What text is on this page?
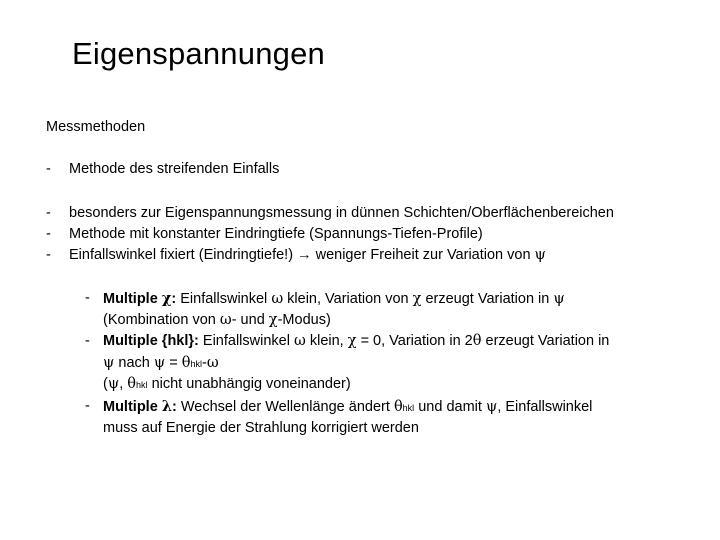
Eigenspannungen
Messmethoden
- Methode des streifenden Einfalls
- besonders zur Eigenspannungsmessung in dünnen Schichten/Oberflächenbereichen
- Methode mit konstanter Eindringtiefe (Spannungs-Tiefen-Profile)
- Einfallswinkel fixiert (Eindringtiefe!) → weniger Freiheit zur Variation von ψ
- Multiple χ: Einfallswinkel ω klein, Variation von χ erzeugt Variation in ψ
(Kombination von ω- und χ-Modus)
- Multiple {hkl}: Einfallswinkel ω klein, χ = 0, Variation in 2θ erzeugt Variation in
ψ nach ψ = θhkl-ω
(ψ, θhkl nicht unabhängig voneinander)
- Multiple λ: Wechsel der Wellenlänge ändert θhkl und damit ψ, Einfallswinkel
muss auf Energie der Strahlung korrigiert werden
